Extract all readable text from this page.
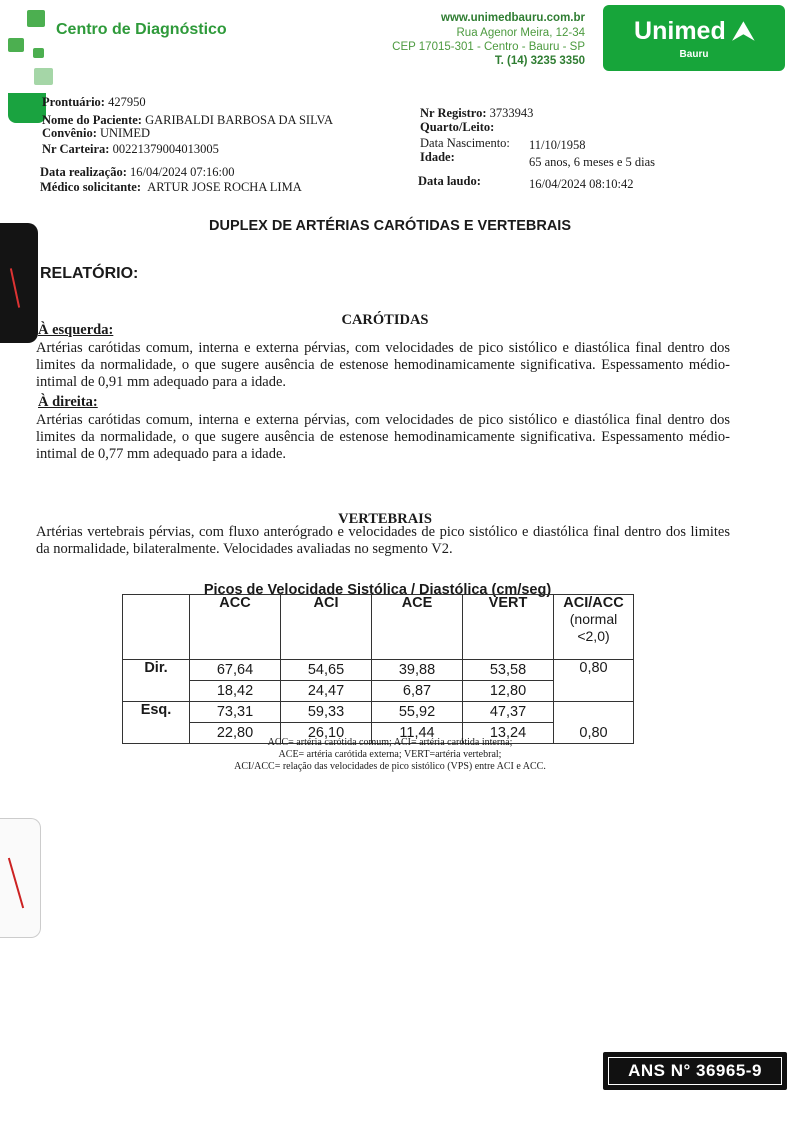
Centro de Diagnóstico
www.unimedbauru.com.br
Rua Agenor Meira, 12-34
CEP 17015-301 - Centro - Bauru - SP
T. (14) 3235 3350
Unimed ⮝
Bauru
Prontuário: 427950
Nome do Paciente: GARIBALDI BARBOSA DA SILVA
Convênio: UNIMED
Nr Carteira: 00221379004013005
Data realização: 16/04/2024 07:16:00
Médico solicitante: ARTUR JOSE ROCHA LIMA
Nr Registro: 3733943
Quarto/Leito:
Data Nascimento: 11/10/1958
Idade:	65 anos, 6 meses e 5 dias
Data laudo:	16/04/2024 08:10:42
DUPLEX DE ARTÉRIAS CARÓTIDAS E VERTEBRAIS
RELATÓRIO:
CARÓTIDAS
À esquerda:
Artérias carótidas comum, interna e externa pérvias, com velocidades de pico sistólico e diastólica final dentro dos limites da normalidade, o que sugere ausência de estenose hemodinamicamente significativa. Espessamento médio-intimal de 0,91 mm adequado para a idade.
À direita:
Artérias carótidas comum, interna e externa pérvias, com velocidades de pico sistólico e diastólica final dentro dos limites da normalidade, o que sugere ausência de estenose hemodinamicamente significativa. Espessamento médio-intimal de 0,77 mm adequado para a idade.
VERTEBRAIS
Artérias vertebrais pérvias, com fluxo anterógrado e velocidades de pico sistólico e diastólica final dentro dos limites da normalidade, bilateralmente. Velocidades avaliadas no segmento V2.
Picos de Velocidade Sistólica / Diastólica (cm/seg)
	ACC	ACI	ACE	VERT	ACI/ACC
(normal <2,0)

Dir.	67,64	54,65	39,88	53,58	0,80
	18,42	24,47	6,87	12,80	
Esq.	73,31	59,33	55,92	47,37	0,80
	22,80	26,10	11,44	13,24	
ACC= artéria carótida comum; ACI= artéria carótida interna;
ACE= artéria carótida externa; VERT=artéria vertebral;
ACI/ACC= relação das velocidades de pico sistólico (VPS) entre ACI e ACC.
ANS N° 36965-9
